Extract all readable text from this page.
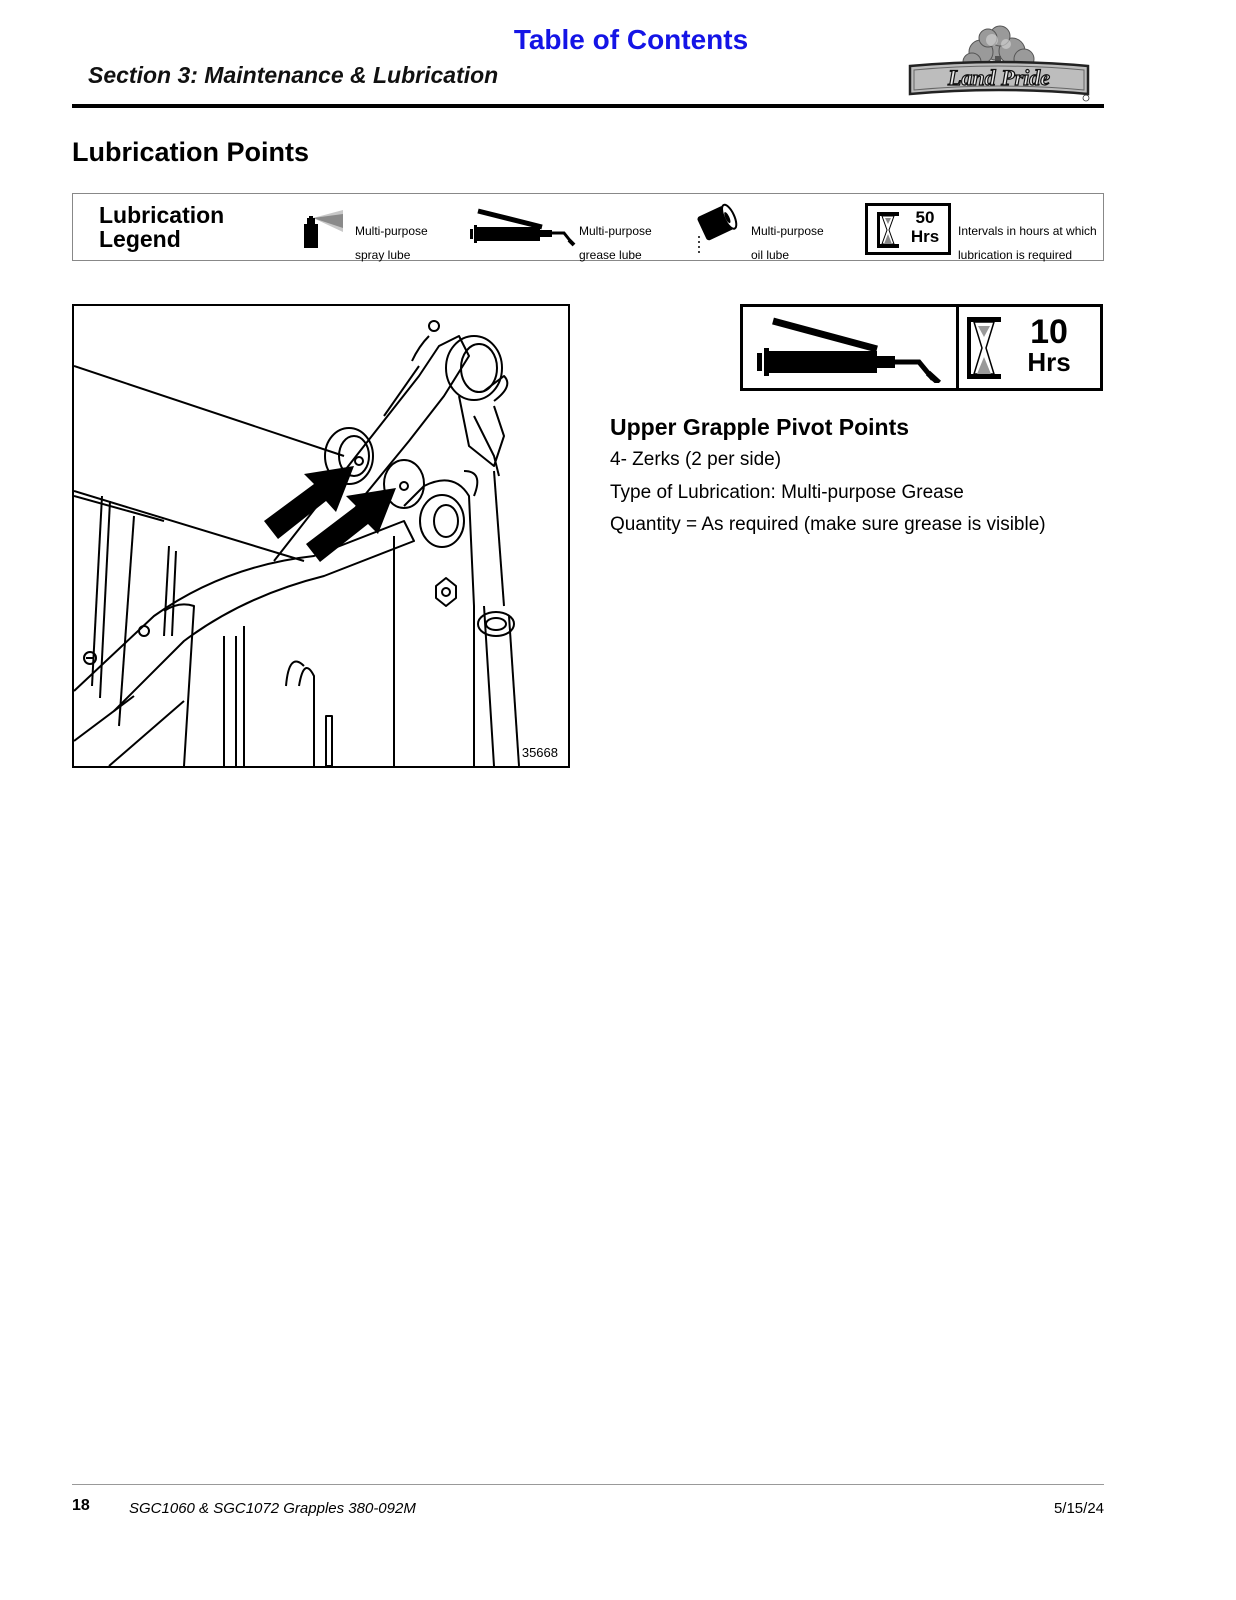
Table of Contents
Section 3: Maintenance & Lubrication	Land Pride
Lubrication Points
Lubrication
Legend	Multi-purpose

spray lube

Multi-purpose

grease lube

Multi-purpose

oil lube

50
Hrs	Intervals in hours at which

lubrication is required

35668
10
Hrs
Upper Grapple Pivot Points
4- Zerks (2 per side)
Type of Lubrication: Multi-purpose Grease
Quantity = As required (make sure grease is visible)
18	SGC1060 & SGC1072 Grapples 380-092M	5/15/24
